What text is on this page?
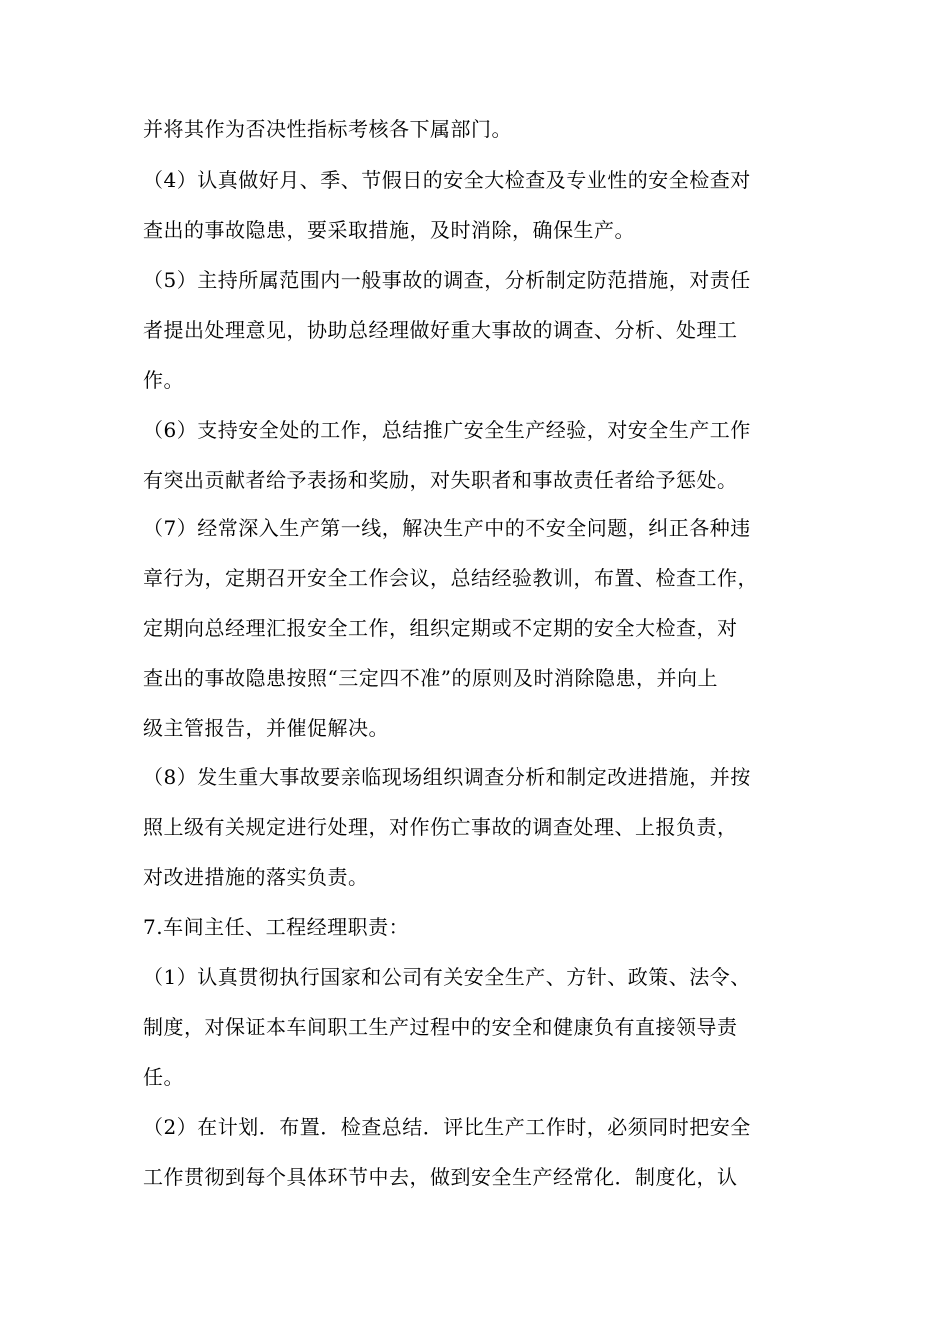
并将其作为否决性指标考核各下属部门。
（4）认真做好月、季、节假日的安全大检查及专业性的安全检查对
查出的事故隐患，要采取措施，及时消除，确保生产。
（5）主持所属范围内一般事故的调查，分析制定防范措施，对责任
者提出处理意见，协助总经理做好重大事故的调查、分析、处理工
作。
（6）支持安全处的工作，总结推广安全生产经验，对安全生产工作
有突出贡献者给予表扬和奖励，对失职者和事故责任者给予惩处。
（7）经常深入生产第一线，解决生产中的不安全问题，纠正各种违
章行为，定期召开安全工作会议，总结经验教训，布置、检查工作，
定期向总经理汇报安全工作，组织定期或不定期的安全大检查，对
查出的事故隐患按照“三定四不准”的原则及时消除隐患，并向上
级主管报告，并催促解决。
（8）发生重大事故要亲临现场组织调查分析和制定改进措施，并按
照上级有关规定进行处理，对作伤亡事故的调查处理、上报负责，
对改进措施的落实负责。
7.车间主任、工程经理职责：
（1）认真贯彻执行国家和公司有关安全生产、方针、政策、法令、
制度，对保证本车间职工生产过程中的安全和健康负有直接领导责
任。
（2）在计划．布置．检查总结．评比生产工作时，必须同时把安全
工作贯彻到每个具体环节中去，做到安全生产经常化．制度化，认
